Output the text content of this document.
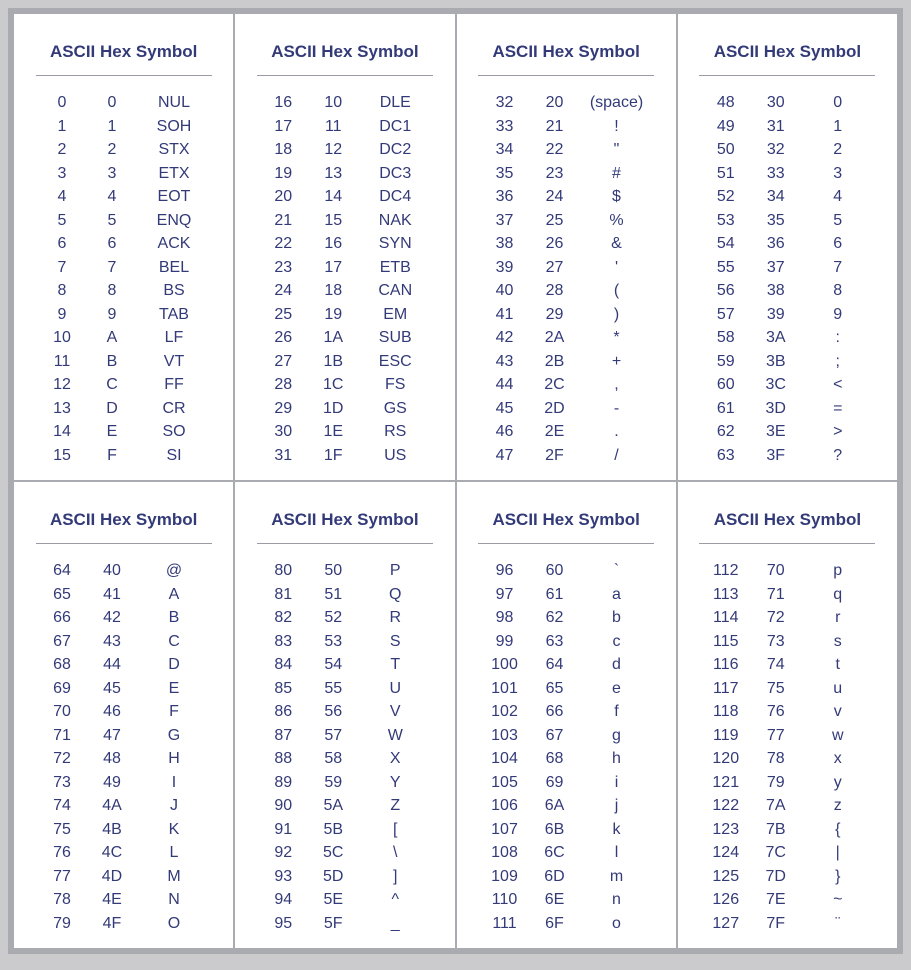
ASCII Hex Symbol
0	0	NUL
1	1	SOH
2	2	STX
3	3	ETX
4	4	EOT
5	5	ENQ
6	6	ACK
7	7	BEL
8	8	BS
9	9	TAB
10	A	LF
11	B	VT
12	C	FF
13	D	CR
14	E	SO
15	F	SI
ASCII Hex Symbol
16	10	DLE
17	11	DC1
18	12	DC2
19	13	DC3
20	14	DC4
21	15	NAK
22	16	SYN
23	17	ETB
24	18	CAN
25	19	EM
26	1A	SUB
27	1B	ESC
28	1C	FS
29	1D	GS
30	1E	RS
31	1F	US
ASCII Hex Symbol
32	20	(space)
33	21	!
34	22	"
35	23	#
36	24	$
37	25	%
38	26	&
39	27	'
40	28	(
41	29	)
42	2A	*
43	2B	+
44	2C	,
45	2D	-
46	2E	.
47	2F	/
ASCII Hex Symbol
48	30	0
49	31	1
50	32	2
51	33	3
52	34	4
53	35	5
54	36	6
55	37	7
56	38	8
57	39	9
58	3A	:
59	3B	;
60	3C	<
61	3D	=
62	3E	>
63	3F	?
ASCII Hex Symbol
64	40	@
65	41	A
66	42	B
67	43	C
68	44	D
69	45	E
70	46	F
71	47	G
72	48	H
73	49	I
74	4A	J
75	4B	K
76	4C	L
77	4D	M
78	4E	N
79	4F	O
ASCII Hex Symbol
80	50	P
81	51	Q
82	52	R
83	53	S
84	54	T
85	55	U
86	56	V
87	57	W
88	58	X
89	59	Y
90	5A	Z
91	5B	[
92	5C	\
93	5D	]
94	5E	^
95	5F	_
ASCII Hex Symbol
96	60	`
97	61	a
98	62	b
99	63	c
100	64	d
101	65	e
102	66	f
103	67	g
104	68	h
105	69	i
106	6A	j
107	6B	k
108	6C	l
109	6D	m
110	6E	n
111	6F	o
ASCII Hex Symbol
112	70	p
113	71	q
114	72	r
115	73	s
116	74	t
117	75	u
118	76	v
119	77	w
120	78	x
121	79	y
122	7A	z
123	7B	{
124	7C	|
125	7D	}
126	7E	~
127	7F	¨
